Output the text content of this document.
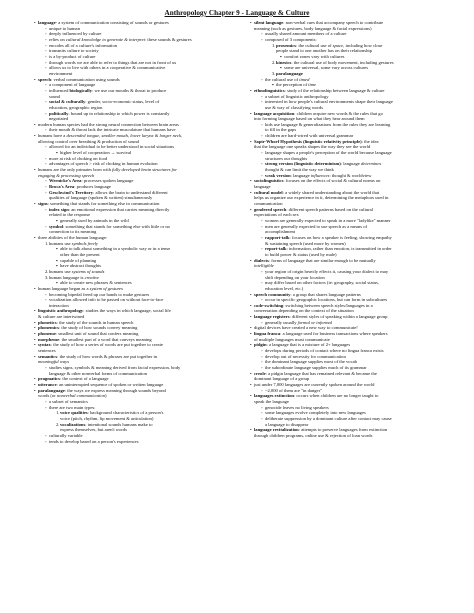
Anthropology Chapter 9 - Language & Culture
• language- a system of communication consisting of sounds or gestures
◦ unique to human
◦ deeply influenced by culture
◦ relies on cultural knowledge to generate & interpret: these sounds & gestures
◦ encodes all of a culture's information
◦ transmits culture to society
◦ is a by-product of culture
◦ through words we are able to refer to things that are not in front of us
◦ allows us to live with others in a cooperative & communicative
environment
• speech: verbal communication using sounds
◦ a component of language
◦ influenced biologically: we use our mouths & throat to produce
sound
◦ social & culturally: gender, socio-economic status, level of
education, geographic region
◦ politically: bound up in relationship to which power is constantly
negotiated
• modern human species had the strong neural connection between brain areas
◦ their mouth & throat lack the intricate musculature that humans have
• humans have a descended tongue, smaller mouth, lower larynx & longer neck,
allowing control over breathing & production of sound
◦ allowed for an individual to be better understood in social situations
▪ higher level of cooperation → survival
◦ more at risk of choking on food
◦ advantages of speech > risk of choking in human evolution
• humans are the only primates born with fully developed brain structures for
engaging & processing speech
◦ Wernicke's Area: processes spoken language
◦ Broca's Area: produces language
◦ Geschwind's Territory: allows the brain to understand different
qualities of language (spoken & written) simultaneously
• signs: something that stands for something else in communication
◦ index sign: an emotional expression that carries meaning directly
related to the response
▪ generally used by animals in the wild
◦ symbol: something that stands for something else with little or no
connection to its meaning
• three abilities of the human language:
1.humans use symbols freely
▪ able to talk about something in a symbolic way or in a tense
other than the present
▪ capable of planning
▪ have abstract thoughts
2.humans use systems of sounds
3.human language is creative
▪ able to create new phrases & sentences
• human language began as a system of gestures
◦ becoming bipedal freed up our hands to make gestures
◦ vocalization allowed info to be passed on without face-to-face
interaction
• linguistic anthropology: studies the ways in which language, social life
& culture are intertwined
• phonetics: the study of the sounds in human speech
• phonemics: the study of how sounds convey meaning
• phoneme: smallest unit of sound that confers meaning
• morpheme: the smallest part of a word that conveys meaning
• syntax: the study of how a series of words are put together to create
sentences
• semantics: the study of how words & phrases are put together in
meaningful ways
◦ studies signs, symbols & meaning derived from facial expression, body
language & other nonverbal forms of communication
• pragmatics: the context of a language
• utterance: an uninterrupted sequence of spoken or written language
• paralanguage: the ways we express meaning through sounds beyond
words (or nonverbal communication)
◦ a subset of semantics
◦ there are two main types:
1.voice qualities: background characteristics of a person's
voice (pitch, rhythm, lip movement & articulation)
2.vocalizations: intentional sounds humans make to
express themselves, but aren't words
◦ culturally variable
◦ tends to develop based on a person's experiences
• silent language: non-verbal cues that accompany speech to contribute
meaning (such as gestures, body language & facial expressions)
◦ usually shared amount members of a culture
◦ composed of 3 components:
1.proxemics: the cultural use of space, including how close
people stand to one another has on their relationship
▪ comfort zones vary with cultures
2.kinesics: the cultural use of body movement, including gestures
▪ some are universal, some vary across cultures
3.paralanguage
◦ the cultural use of timed
▪ the perception of time
• ethnolinguistics: study of the relationship between language & culture
◦ a subset of linguistic anthropology
◦ interested in how people's cultural environments shape their language
use & way of classifying words
• language acquisition: children acquire new words & the rules that go
into forming language based on what they hear around them
◦ kids use language & generalizations from the rules they are learning
to fill in the gaps
◦ children are hard-wired with universal grammar
• Sapir-Whorf Hypothesis (linguistic relativity principle): the idea
that the language one speaks shapes the way they see the world
◦ language shapes a people's perception of the world because language
structures our thoughts
◦ strong version (linguistic determinism): language determines
thought & can limit the way we think
◦ weak version: language influences: thought & worldview
• sociolinguistics: focuses on the effects of social & cultural norms on
language
• cultural model: a widely shared understanding about the world that
helps us organize our experience in it, determining the metaphors used in
communication
• gendered speech: different speech patterns based on the cultural
expectations of each sex
◦ women are generally expected to speak in a more "ladylike" manner
◦ men are generally expected to use speech as a means of
accomplishment
◦ rapport-talk: focuses on how a speaker is feeling, showing empathy
& sustaining speech (used more by women)
◦ report-talk: information, rather than emotion, is transmitted in order
to build power & status (used by male)
• dialects: forms of language that are similar enough to be mutually
intelligible
◦ your region of origin heavily effects it, causing your dialect to may
shift depending on your location
◦ may differ based on other factors (ie: geography, social status,
education level, etc.)
• speech community: a group that shares language patterns
◦ occur in specific geographic locations, but can form in subcultures
• code-switching: switching between speech styles/languages in a
conversation depending on the context of the situation
• language registers: different styles of speaking within a language group
◦ generally usually formal or informal
• digital devices have created a new way to communicate!
• lingua franca: a language used for business transactions where speakers
of multiple languages must communicate
• pidgin: a language that is a mixture of 2+ languages
◦ develops during periods of contact where no lingua franca exists
◦ develop out of necessity for communication
◦ the dominant language supplies most of the vocab
◦ the subordinate language supplies much of its grammar
• creole: a pidgin language that has remained relevant & became the
dominant language of a group
• just under 7,000 languages are currently spoken around the world
◦ ~2,000 of them are "in danger"
• languages extinction: occurs when children are no longer taught to
speak the language
◦ genocide leaves no living speakers
◦ some languages evolve completely into new languages
◦ deliberate suppression by a dominant culture after contact may cause
a language to disappear
• language revitalization: attempts to preserve languages from extinction
through children programs, online use & rejection of loan words
